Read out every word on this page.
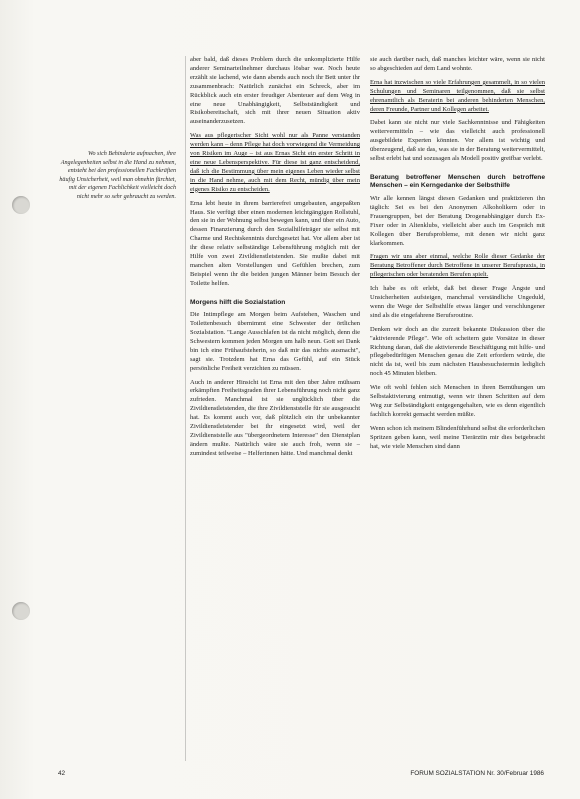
Wo sich Behinderte aufmachen, ihre Angelegenheiten selbst in die Hand zu nehmen, entsteht bei den professionellen Fachkräften häufig Unsicherheit, weil man ohnehin fürchtet, mit der eigenen Fachlichkeit vielleicht doch nicht mehr so sehr gebraucht zu werden.

aber bald, daß dieses Problem durch die unkomplizierte Hilfe anderer Seminarteilnehmer durchaus lösbar war. Noch heute erzählt sie lachend, wie dann abends auch noch ihr Bett unter ihr zusammenbrach: Natürlich zunächst ein Schreck, aber im Rückblick auch ein erster freudiger Abenteuer auf dem Weg in eine neue Unabhängigkeit, Selbstständigkeit und Risikobereitschaft, sich mit ihrer neuen Situation aktiv auseinanderzusetzen.

Was aus pflegerischer Sicht wohl nur als Panne verstanden werden kann – denn Pflege hat doch vorwiegend die Vermeidung von Risiken im Auge – ist aus Ernas Sicht ein erster Schritt in eine neue Lebensperspektive. Für diese ist ganz entscheidend, daß ich die Bestimmung über mein eigenes Leben wieder selbst in die Hand nehme, auch mit dem Recht, mündig über mein eigenes Risiko zu entscheiden.

Erna lebt heute in ihrem barrierefrei umgebauten, angepaßten Haus. Sie verfügt über einen modernen leichtgängigen Rollstuhl, den sie in der Wohnung selbst bewegen kann, und über ein Auto, dessen Finanzierung durch den Sozialhilfeträger sie selbst mit Charme und Rechtskenntnis durchgesetzt hat. Vor allem aber ist ihr diese relativ selbständige Lebensführung möglich mit der Hilfe von zwei Zivildienstleistenden. Sie mußte dabei mit manchen alten Vorstellungen und Gefühlen brechen, zum Beispiel wenn ihr die beiden jungen Männer beim Besuch der Toilette helfen.

Morgens hilft die Sozialstation

Die Intimpflege am Morgen beim Aufstehen, Waschen und Toilettenbesuch übernimmt eine Schwester der örtlichen Sozialstation. "Lange Ausschlafen ist da nicht möglich, denn die Schwestern kommen jeden Morgen um halb neun. Gott sei Dank bin ich eine Frühaufsteherin, so daß mir das nichts ausmacht", sagt sie. Trotzdem hat Erna das Gefühl, auf ein Stück persönliche Freiheit verzichten zu müssen.

Auch in anderer Hinsicht ist Erna mit den über Jahre mühsam erkämpften Freiheitsgraden ihrer Lebensführung noch nicht ganz zufrieden. Manchmal ist sie unglücklich über die Zivildienstleistenden, die ihre Zivildienststelle für sie ausgesucht hat. Es kommt auch vor, daß plötzlich ein ihr unbekannter Zivildienstleistender bei ihr eingesetzt wird, weil der Zivildienststelle aus "übergeordnetem Interesse" den Dienstplan ändern mußte. Natürlich wäre sie auch froh, wenn sie – zumindest teilweise – Helferinnen hätte. Und manchmal denkt

sie auch darüber nach, daß manches leichter wäre, wenn sie nicht so abgeschieden auf dem Land wohnte.

Erna hat inzwischen so viele Erfahrungen gesammelt, in so vielen Schulungen und Seminaren teilgenommen, daß sie selbst ehrenamtlich als Beraterin bei anderen behinderten Menschen, deren Freunde, Partner und Kollegen arbeitet.

Dabei kann sie nicht nur viele Sachkenntnisse und Fähigkeiten weitervermitteln – wie das vielleicht auch professionell ausgebildete Experten könnten. Vor allem ist wichtig und überzeugend, daß sie das, was sie in der Beratung weitervermittelt, selbst erlebt hat und sozusagen als Modell positiv greifbar verlebt.

Beratung betroffener Menschen durch betroffene Menschen – ein Kerngedanke der Selbsthilfe

Wir alle kennen längst diesen Gedanken und praktizieren ihn täglich: Sei es bei den Anonymen Alkoholikern oder in Frauengruppen, bei der Beratung Drogenabhängiger durch Ex-Fixer oder in Altenklubs, vielleicht aber auch im Gespräch mit Kollegen über Berufsprobleme, mit denen wir nicht ganz klarkommen.

Fragen wir uns aber einmal, welche Rolle dieser Gedanke der Beratung Betroffener durch Betroffene in unserer Berufspraxis, in pflegerischen oder beratenden Berufen spielt.

Ich habe es oft erlebt, daß bei dieser Frage Ängste und Unsicherheiten aufsteigen, manchmal verständliche Ungeduld, wenn die Wege der Selbsthilfe etwas länger und verschlungener sind als die eingefahrene Berufsroutine.

Denken wir doch an die zurzeit bekannte Diskussion über die "aktivierende Pflege". Wie oft scheitern gute Vorsätze in dieser Richtung daran, daß die aktivierende Beschäftigung mit hilfe- und pflegebedürftigen Menschen genau die Zeit erfordern würde, die nicht da ist, weil bis zum nächsten Hausbesuchstermin lediglich noch 45 Minuten bleiben.

Wie oft wohl fehlen sich Menschen in ihren Bemühungen um Selbstaktivierung entmutigt, wenn wir ihnen Schritten auf dem Weg zur Selbständigkeit entgegengehalten, wie es denn eigentlich fachlich korrekt gemacht werden müßte.

Wenn schon ich meinem Blindenführhund selbst die erforderlichen Spritzen geben kann, weil meine Tierärztin mir dies beigebracht hat, wie viele Menschen sind dann

42	FORUM SOZIALSTATION Nr. 30/Februar 1986
